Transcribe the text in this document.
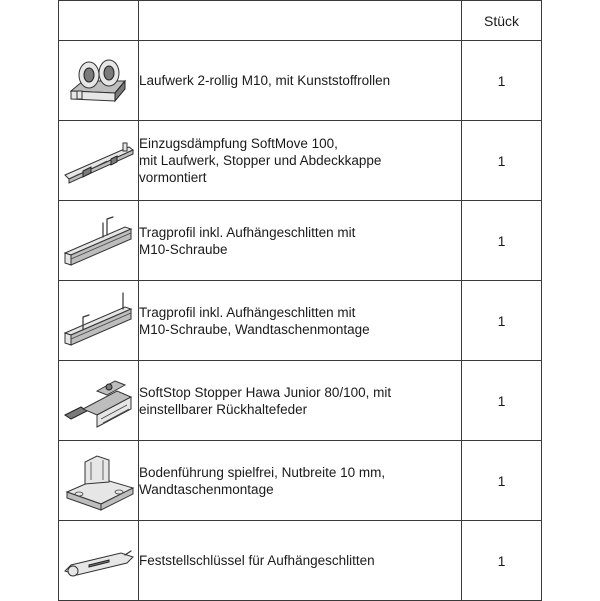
		Stück

Laufwerk 2-rollig M10, mit Kunststoffrollen	1

Einzugsdämpfung SoftMove 100,
mit Laufwerk, Stopper und Abdeckkappe
vormontiert	1

Tragprofil inkl. Aufhängeschlitten mit
M10-Schraube	1

Tragprofil inkl. Aufhängeschlitten mit
M10-Schraube, Wandtaschenmontage	1

SoftStop Stopper Hawa Junior 80/100, mit
einstellbarer Rückhaltefeder	1

Bodenführung spielfrei, Nutbreite 10 mm,
Wandtaschenmontage	1

Feststellschlüssel für Aufhängeschlitten	1
